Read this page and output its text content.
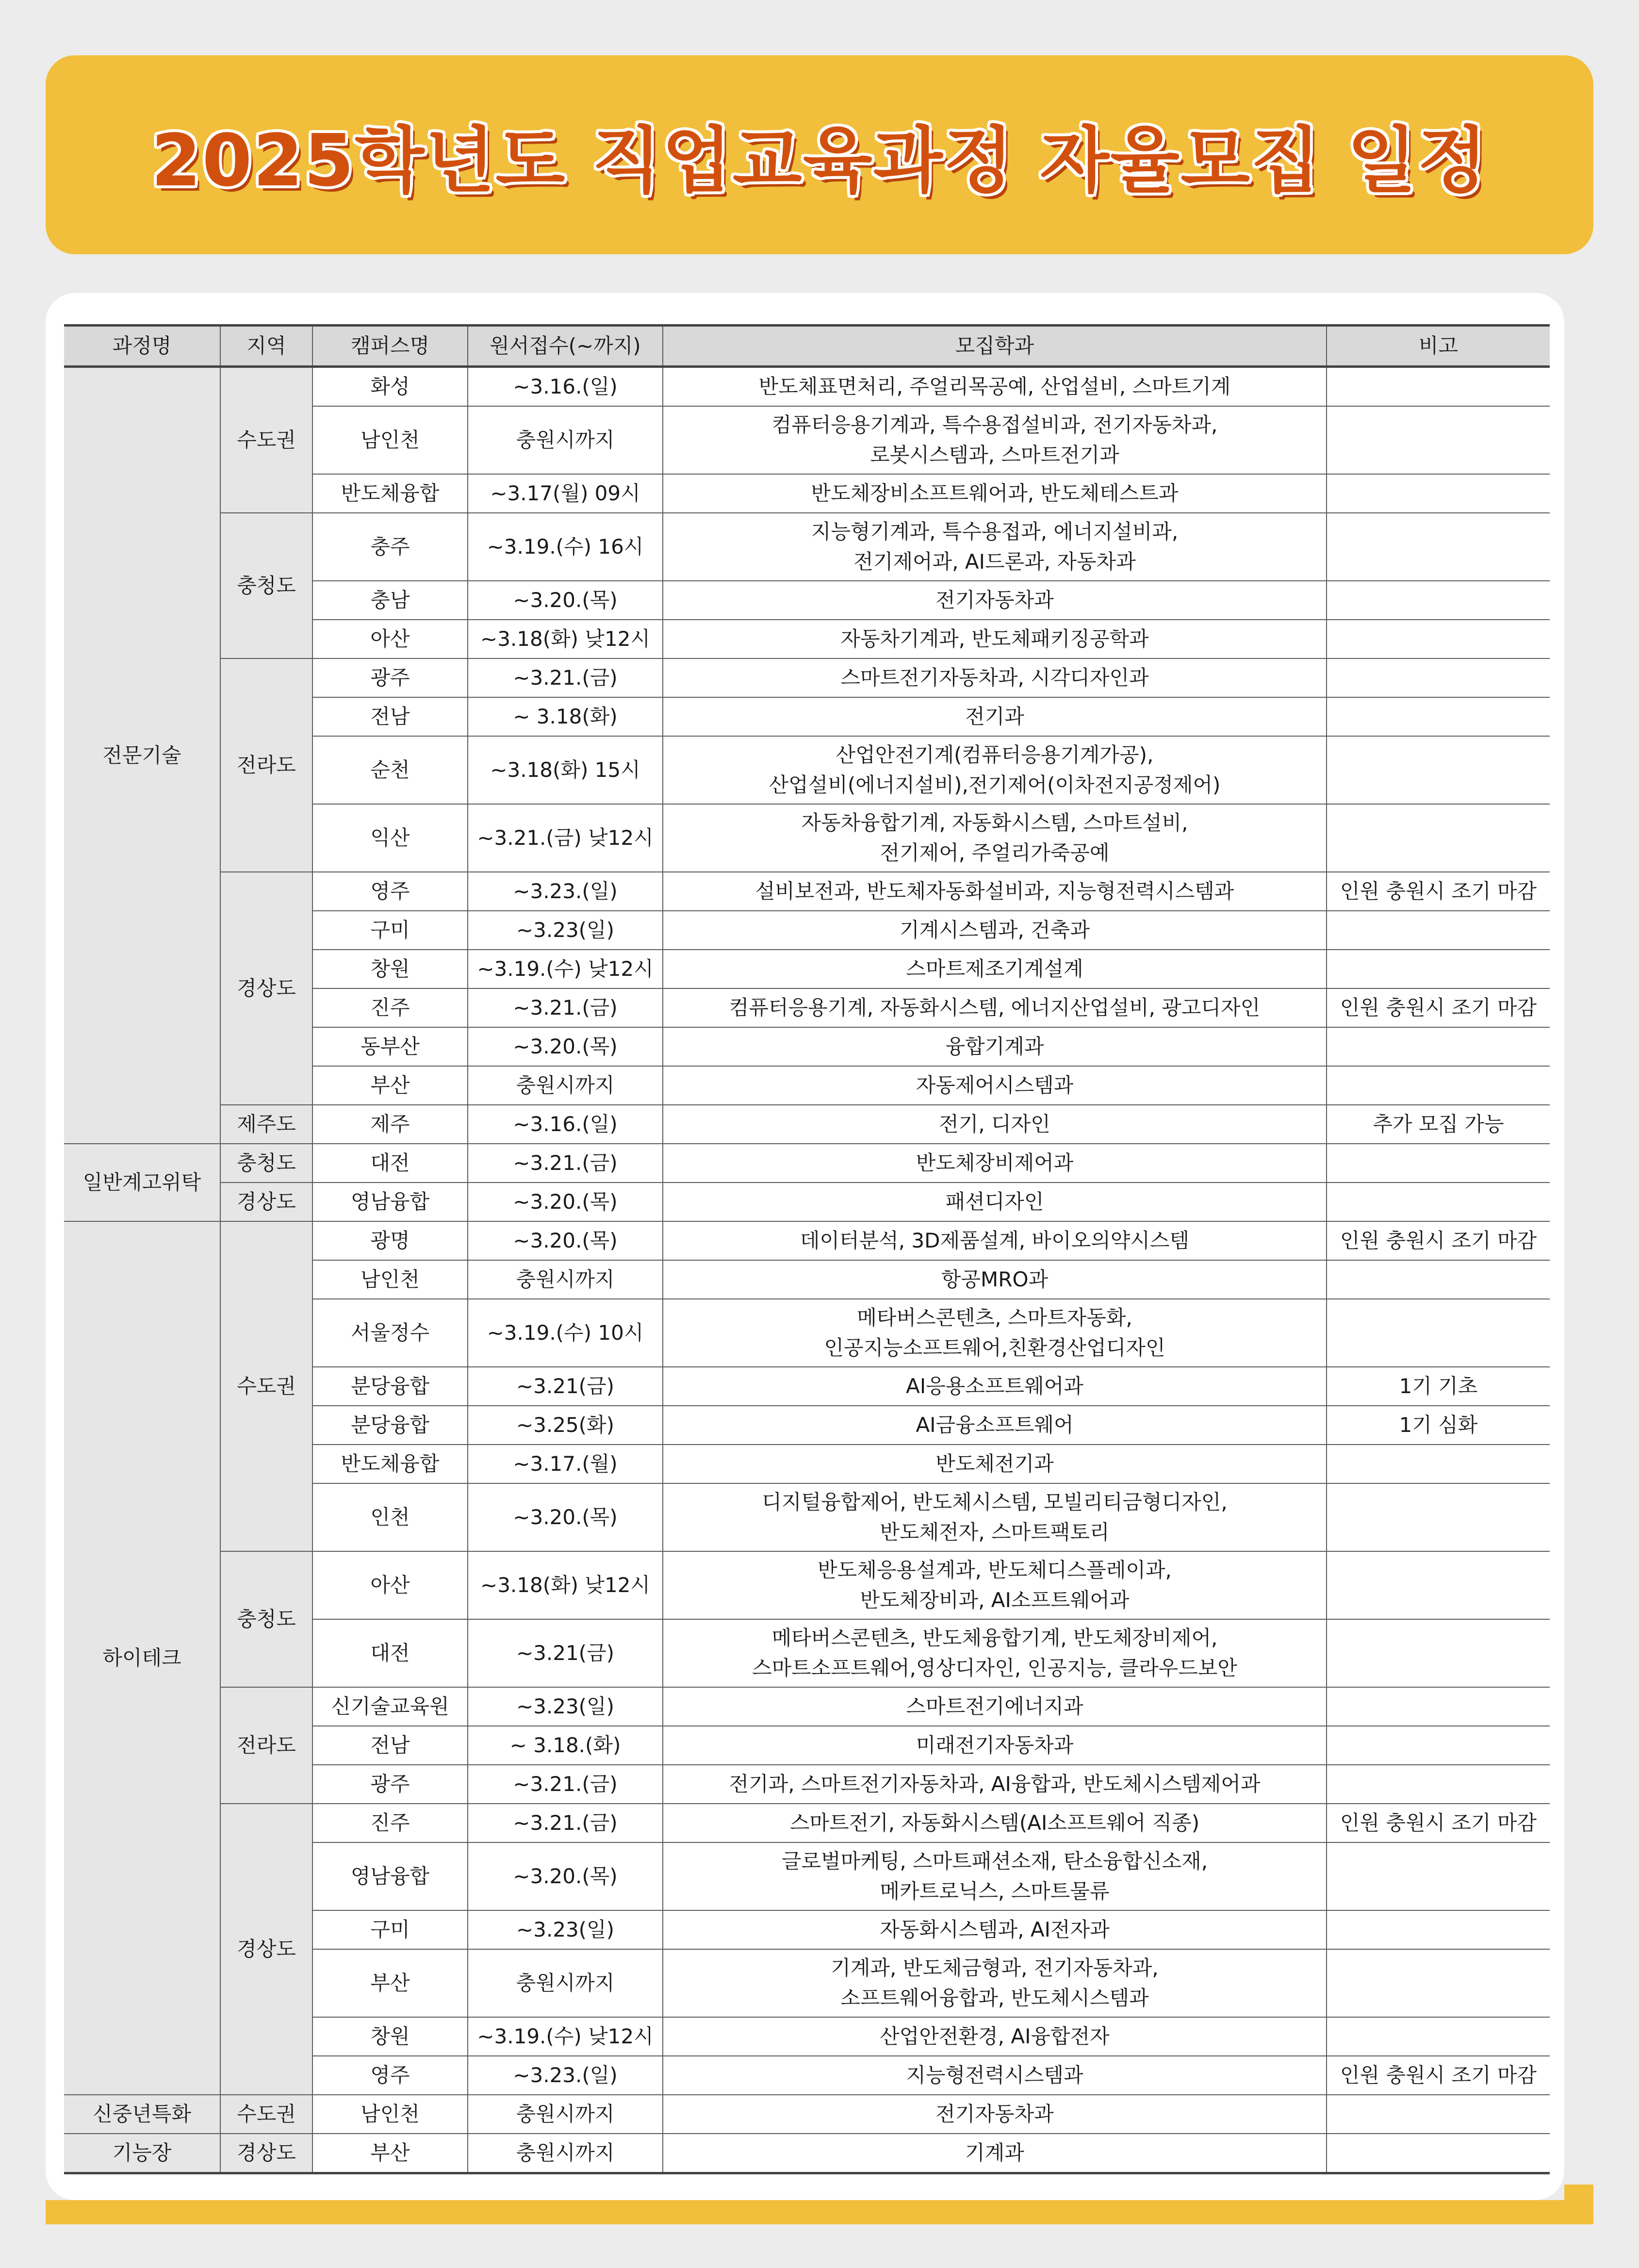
2025학년도 직업교육과정 자율모집 일정
과정명	지역	캠퍼스명	원서접수(~까지)	모집학과	비고
전문기술	수도권	화성	~3.16.(일)	반도체표면처리, 주얼리목공예, 산업설비, 스마트기계	

		남인천	충원시까지	컴퓨터응용기계과, 특수용접설비과, 전기자동차과,
로봇시스템과, 스마트전기과	

		반도체융합	~3.17(월) 09시	반도체장비소프트웨어과, 반도체테스트과	

	충청도	충주	~3.19.(수) 16시	지능형기계과, 특수용접과, 에너지설비과,
전기제어과, AI드론과, 자동차과	

		충남	~3.20.(목)	전기자동차과	

		아산	~3.18(화) 낮12시	자동차기계과, 반도체패키징공학과	

	전라도	광주	~3.21.(금)	스마트전기자동차과, 시각디자인과	

		전남	~ 3.18(화)	전기과	

		순천	~3.18(화) 15시	산업안전기계(컴퓨터응용기계가공),
산업설비(에너지설비),전기제어(이차전지공정제어)	

		익산	~3.21.(금) 낮12시	자동차융합기계, 자동화시스템, 스마트설비,
전기제어, 주얼리가죽공예	

	경상도	영주	~3.23.(일)	설비보전과, 반도체자동화설비과, 지능형전력시스템과	인원 충원시 조기 마감
		구미	~3.23(일)	기계시스템과, 건축과	

		창원	~3.19.(수) 낮12시	스마트제조기계설계	

		진주	~3.21.(금)	컴퓨터응용기계, 자동화시스템, 에너지산업설비, 광고디자인	인원 충원시 조기 마감
		동부산	~3.20.(목)	융합기계과	

		부산	충원시까지	자동제어시스템과	

	제주도	제주	~3.16.(일)	전기, 디자인	추가 모집 가능
일반계고위탁	충청도	대전	~3.21.(금)	반도체장비제어과	

	경상도	영남융합	~3.20.(목)	패션디자인	

하이테크	수도권	광명	~3.20.(목)	데이터분석, 3D제품설계, 바이오의약시스템	인원 충원시 조기 마감
		남인천	충원시까지	항공MRO과	

		서울정수	~3.19.(수) 10시	메타버스콘텐츠, 스마트자동화,
인공지능소프트웨어,친환경산업디자인	

		분당융합	~3.21(금)	AI응용소프트웨어과	1기 기초
		분당융합	~3.25(화)	AI금융소프트웨어	1기 심화
		반도체융합	~3.17.(월)	반도체전기과	

		인천	~3.20.(목)	디지털융합제어, 반도체시스템, 모빌리티금형디자인,
반도체전자, 스마트팩토리	

	충청도	아산	~3.18(화) 낮12시	반도체응용설계과, 반도체디스플레이과,
반도체장비과, AI소프트웨어과	

		대전	~3.21(금)	메타버스콘텐츠, 반도체융합기계, 반도체장비제어,
스마트소프트웨어,영상디자인, 인공지능, 클라우드보안	

	전라도	신기술교육원	~3.23(일)	스마트전기에너지과	

		전남	~ 3.18.(화)	미래전기자동차과	

		광주	~3.21.(금)	전기과, 스마트전기자동차과, AI융합과, 반도체시스템제어과	

	경상도	진주	~3.21.(금)	스마트전기, 자동화시스템(AI소프트웨어 직종)	인원 충원시 조기 마감
		영남융합	~3.20.(목)	글로벌마케팅, 스마트패션소재, 탄소융합신소재,
메카트로닉스, 스마트물류	

		구미	~3.23(일)	자동화시스템과, AI전자과	

		부산	충원시까지	기계과, 반도체금형과, 전기자동차과,
소프트웨어융합과, 반도체시스템과	

		창원	~3.19.(수) 낮12시	산업안전환경, AI융합전자	

		영주	~3.23.(일)	지능형전력시스템과	인원 충원시 조기 마감
신중년특화	수도권	남인천	충원시까지	전기자동차과	

기능장	경상도	부산	충원시까지	기계과	
